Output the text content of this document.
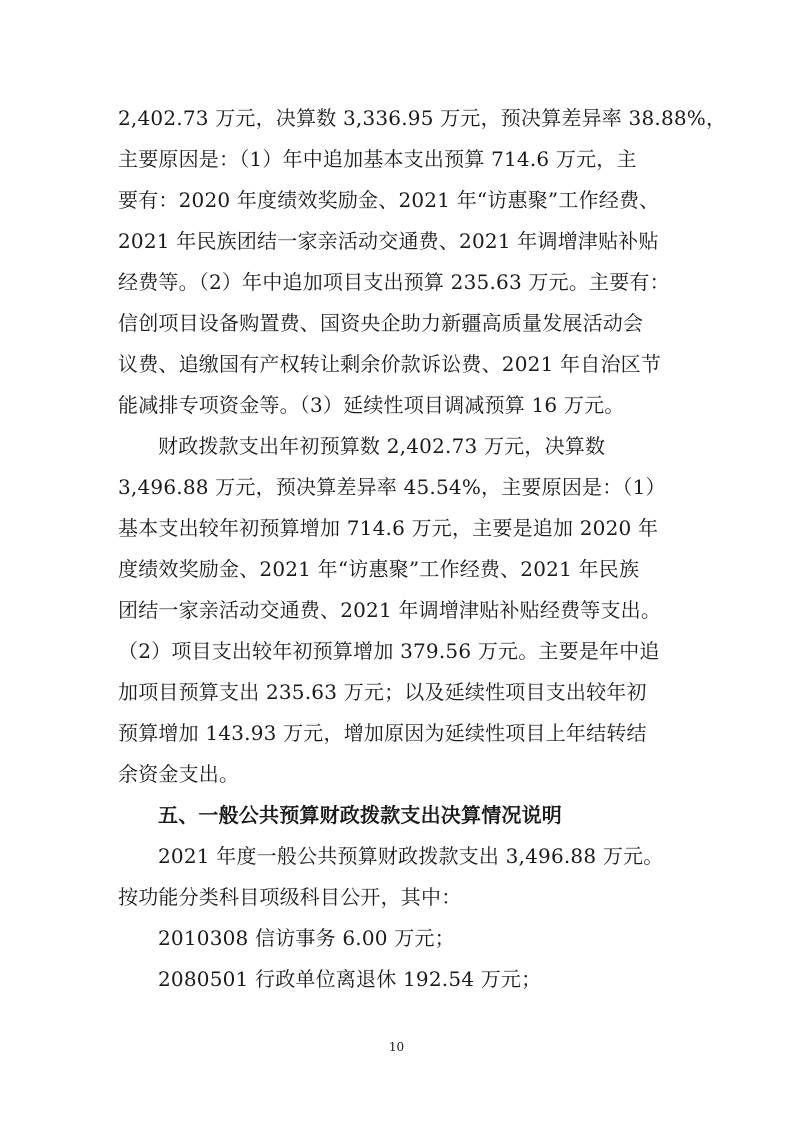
2,402.73 万元，决算数 3,336.95 万元，预决算差异率 38.88%，
主要原因是：（1）年中追加基本支出预算 714.6 万元，主
要有：2020 年度绩效奖励金、2021 年“访惠聚”工作经费、
2021 年民族团结一家亲活动交通费、2021 年调增津贴补贴
经费等。（2）年中追加项目支出预算 235.63 万元。主要有：
信创项目设备购置费、国资央企助力新疆高质量发展活动会
议费、追缴国有产权转让剩余价款诉讼费、2021 年自治区节
能减排专项资金等。（3）延续性项目调减预算 16 万元。
财政拨款支出年初预算数 2,402.73 万元，决算数
3,496.88 万元，预决算差异率 45.54%，主要原因是：（1）
基本支出较年初预算增加 714.6 万元，主要是追加 2020 年
度绩效奖励金、2021 年“访惠聚”工作经费、2021 年民族
团结一家亲活动交通费、2021 年调增津贴补贴经费等支出。
（2）项目支出较年初预算增加 379.56 万元。主要是年中追
加项目预算支出 235.63 万元；以及延续性项目支出较年初
预算增加 143.93 万元，增加原因为延续性项目上年结转结
余资金支出。
五、一般公共预算财政拨款支出决算情况说明
2021 年度一般公共预算财政拨款支出 3,496.88 万元。
按功能分类科目项级科目公开，其中：
2010308 信访事务 6.00 万元；
2080501 行政单位离退休 192.54 万元；
10
